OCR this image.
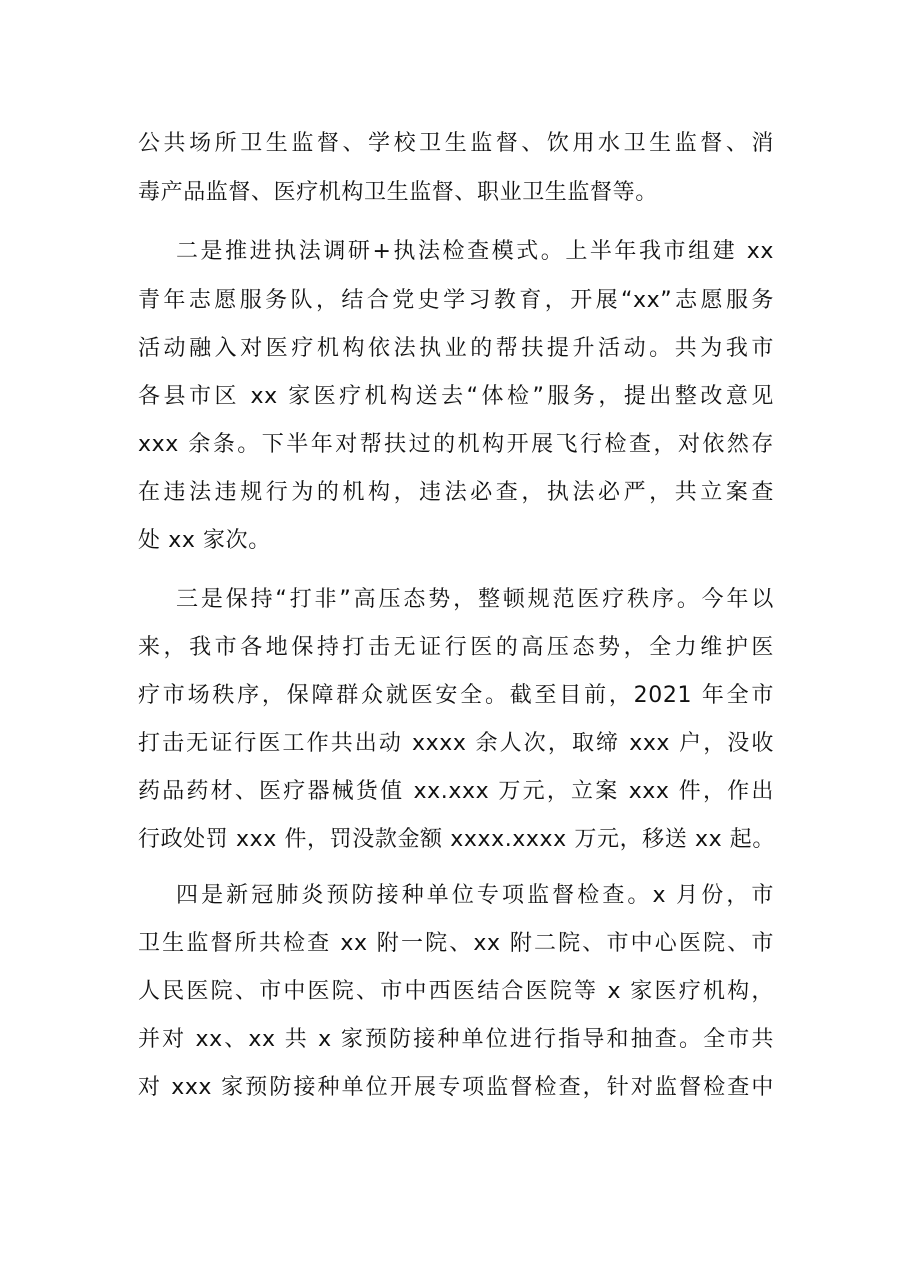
公共场所卫生监督、学校卫生监督、饮用水卫生监督、消
毒产品监督、医疗机构卫生监督、职业卫生监督等。
二是推进执法调研+执法检查模式。上半年我市组建 xx
青年志愿服务队，结合党史学习教育，开展“xx”志愿服务
活动融入对医疗机构依法执业的帮扶提升活动。共为我市
各县市区 xx 家医疗机构送去“体检”服务，提出整改意见
xxx 余条。下半年对帮扶过的机构开展飞行检查，对依然存
在违法违规行为的机构，违法必查，执法必严，共立案查
处 xx 家次。
三是保持“打非”高压态势，整顿规范医疗秩序。今年以
来，我市各地保持打击无证行医的高压态势，全力维护医
疗市场秩序，保障群众就医安全。截至目前，2021 年全市
打击无证行医工作共出动 xxxx 余人次，取缔 xxx 户，没收
药品药材、医疗器械货值 xx.xxx 万元，立案 xxx 件，作出
行政处罚 xxx 件，罚没款金额 xxxx.xxxx 万元，移送 xx 起。
四是新冠肺炎预防接种单位专项监督检查。x 月份，市
卫生监督所共检查 xx 附一院、xx 附二院、市中心医院、市
人民医院、市中医院、市中西医结合医院等 x 家医疗机构，
并对 xx、xx 共 x 家预防接种单位进行指导和抽查。全市共
对 xxx 家预防接种单位开展专项监督检查，针对监督检查中
